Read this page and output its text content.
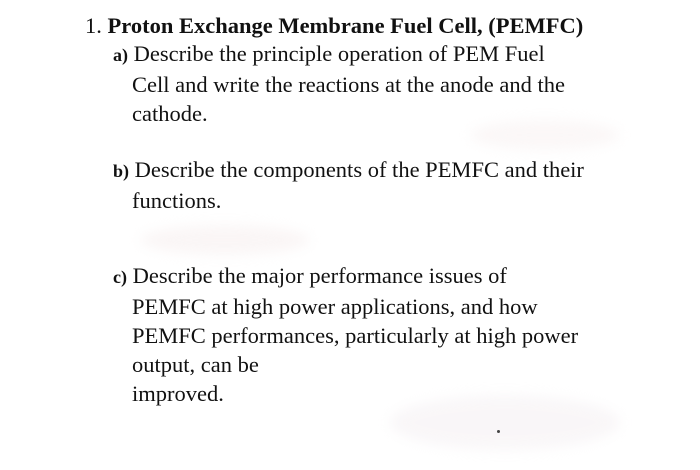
1. Proton Exchange Membrane Fuel Cell, (PEMFC)
a) Describe the principle operation of PEM Fuel
Cell and write the reactions at the anode and the
cathode.
b) Describe the components of the PEMFC and their
functions.
c) Describe the major performance issues of
PEMFC at high power applications, and how
PEMFC performances, particularly at high power
output, can be
improved.
